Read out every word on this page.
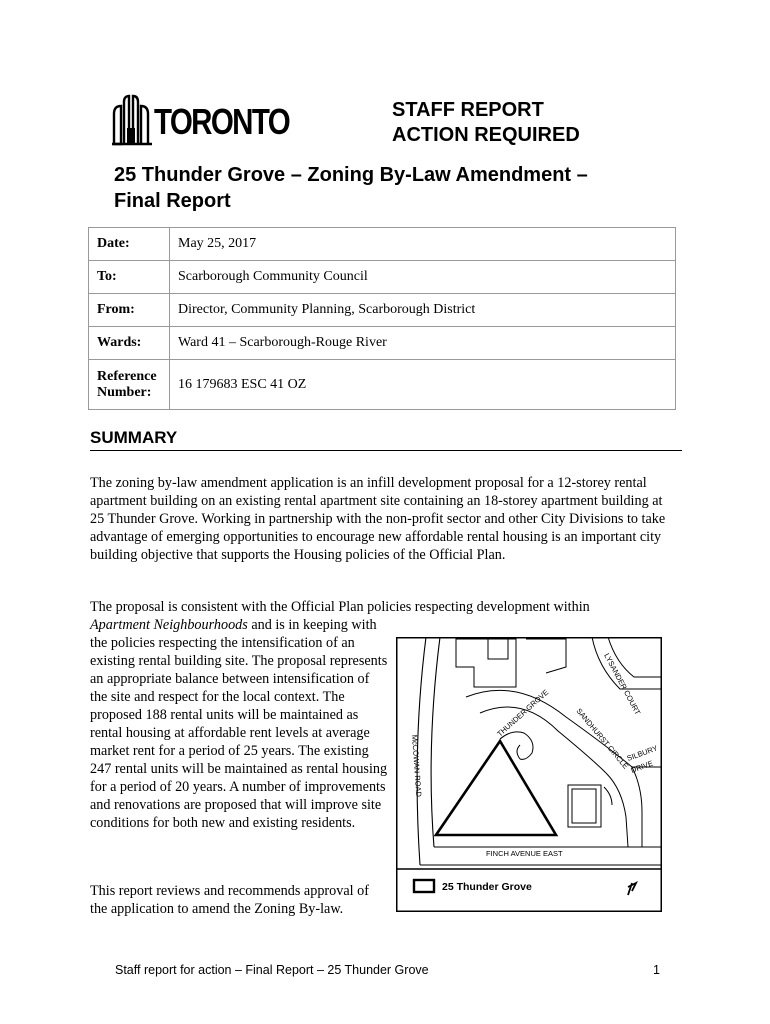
TORONTO	STAFF REPORT
ACTION REQUIRED
25 Thunder Grove – Zoning By-Law Amendment –
Final Report
Date:	May 25, 2017
To:	Scarborough Community Council
From:	Director, Community Planning, Scarborough District
Wards:	Ward 41 – Scarborough-Rouge River

Reference
Number:	16 179683 ESC 41 OZ
SUMMARY
The zoning by-law amendment application is an infill development proposal for a 12-storey rental apartment building on an existing rental apartment site containing an 18-storey apartment building at 25 Thunder Grove. Working in partnership with the non-profit sector and other City Divisions to take advantage of emerging opportunities to encourage new affordable rental housing is an important city building objective that supports the Housing policies of the Official Plan.
The proposal is consistent with the Official Plan policies respecting development within
Apartment Neighbourhoods and is in keeping with the policies respecting the intensification of an existing rental building site. The proposal represents an appropriate balance between intensification of the site and respect for the local context. The proposed 188 rental units will be maintained as rental housing at affordable rent levels at average market rent for a period of 25 years. The existing 247 rental units will be maintained as rental housing for a period of 20 years. A number of improvements and renovations are proposed that will improve site conditions for both new and existing residents.
This report reviews and recommends approval of the application to amend the Zoning By-law.
THUNDER GROVE	LYSANDER COURT
SANDHURST CIRCLE
McCOWAN ROAD	SILBURY
DRIVE
FINCH AVENUE EAST
25 Thunder Grove
Staff report for action – Final Report – 25 Thunder Grove	1
